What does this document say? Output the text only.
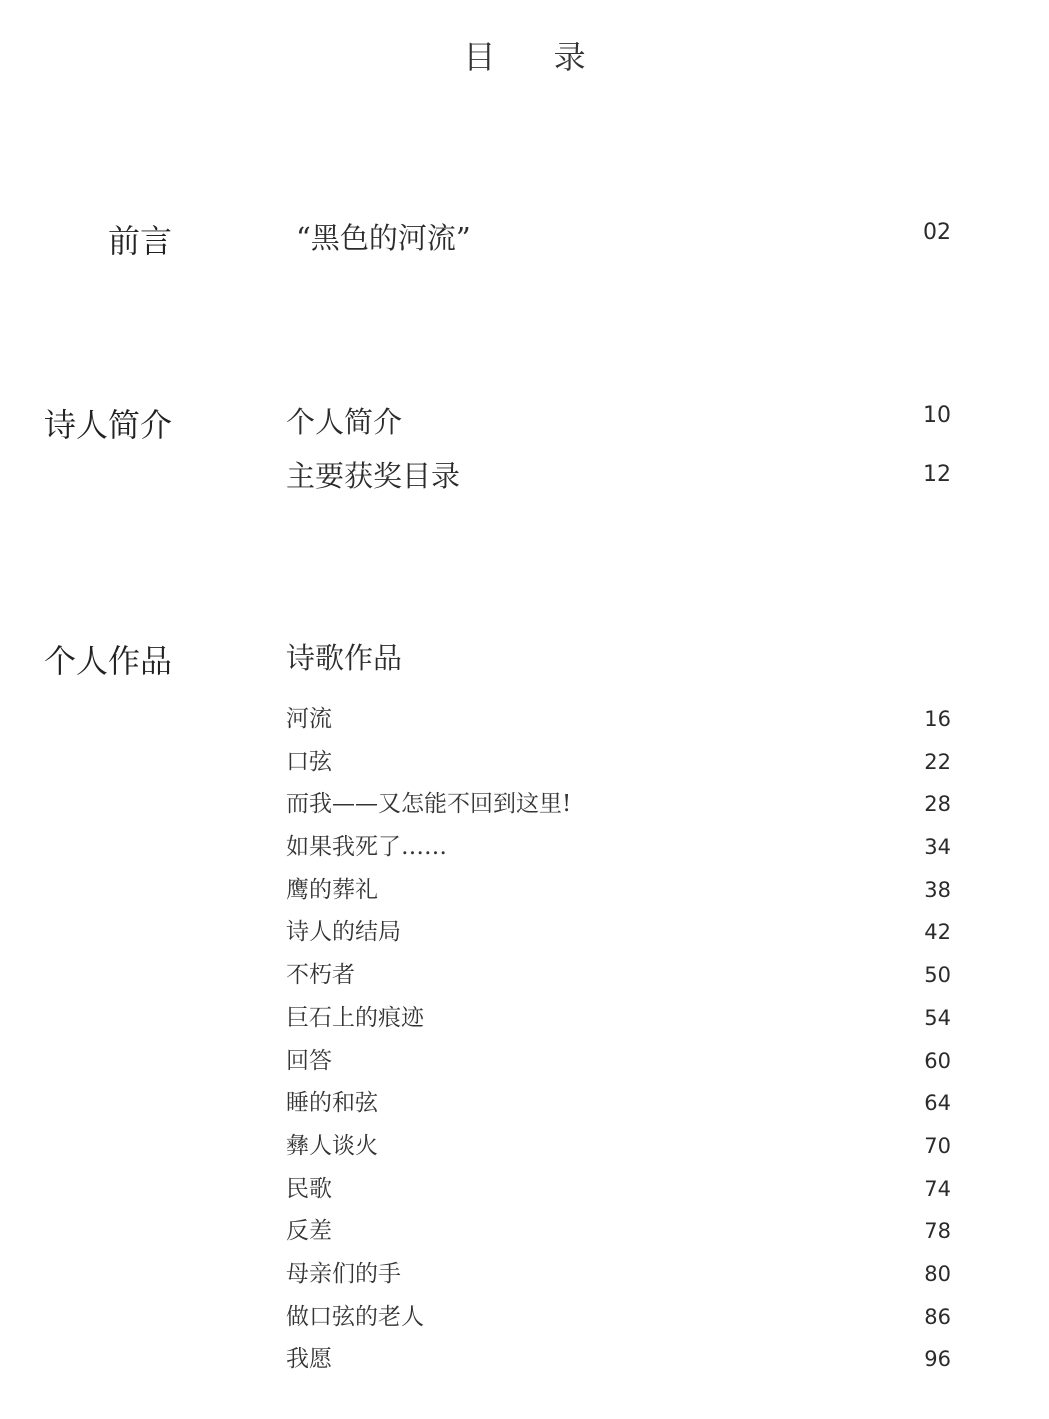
目 录
前言	“黑色的河流”	02
诗人简介	个人简介	10
主要获奖目录	12
个人作品	诗歌作品
河流	16
口弦	22
而我——又怎能不回到这里!	28
如果我死了……	34
鹰的葬礼	38
诗人的结局	42
不朽者	50
巨石上的痕迹	54
回答	60
睡的和弦	64
彝人谈火	70
民歌	74
反差	78
母亲们的手	80
做口弦的老人	86
我愿	96
